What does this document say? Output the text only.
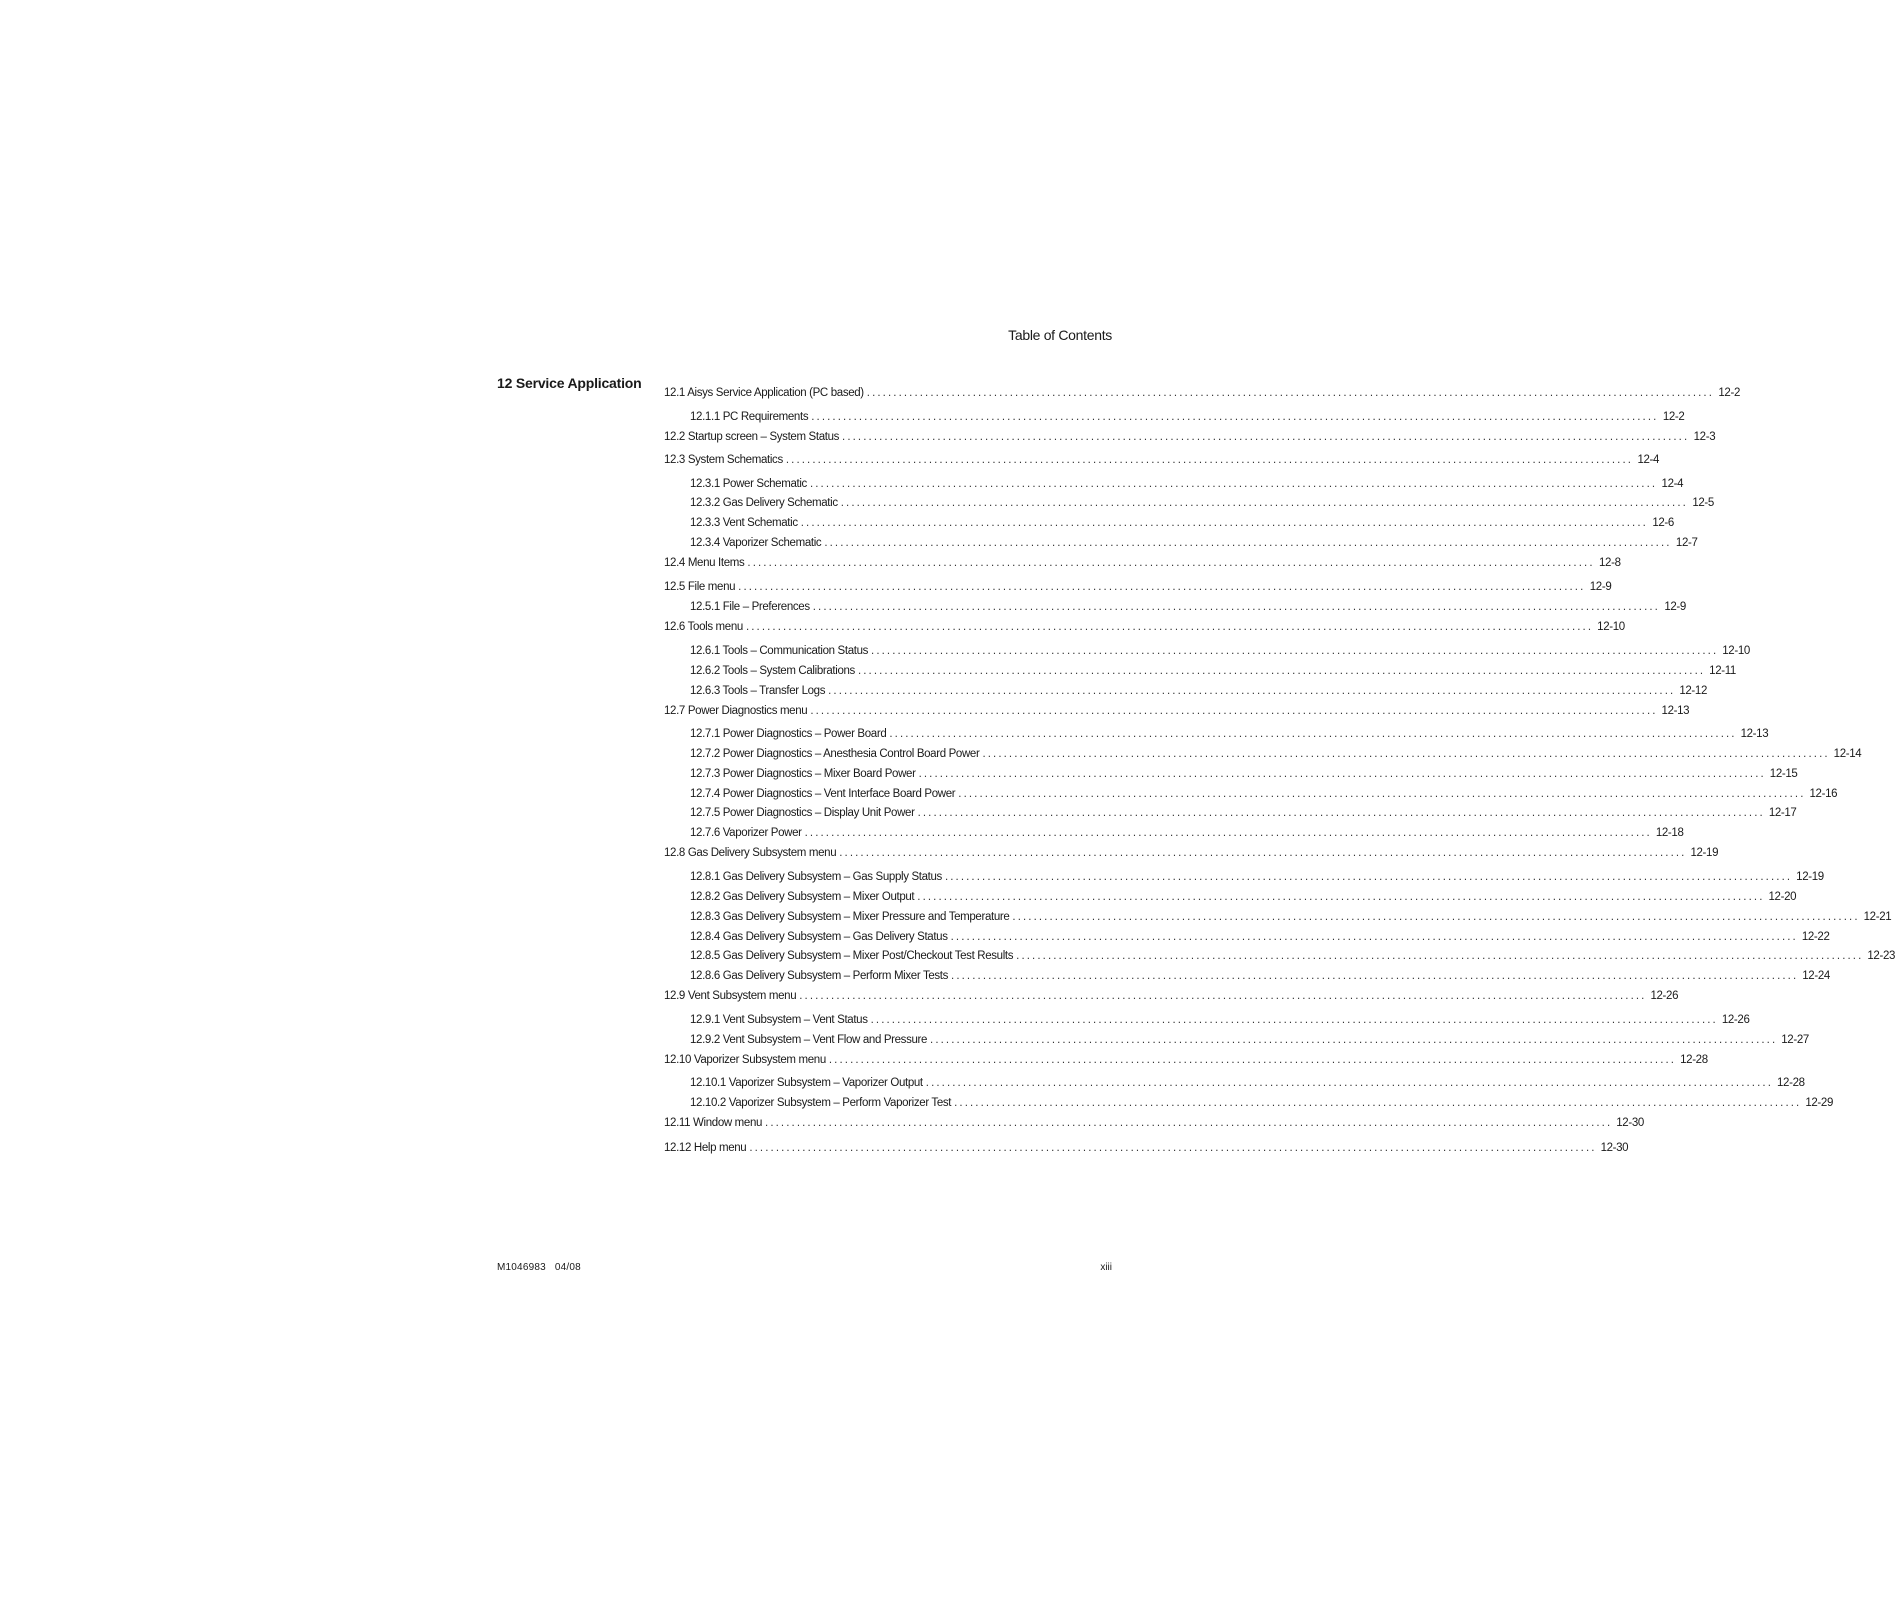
Table of Contents
12 Service Application
12.1 Aisys Service Application (PC based) ................................................................................................................................................................ 12-2
12.1.1 PC Requirements ................................................................................................................................................................ 12-2
12.2 Startup screen – System Status ................................................................................................................................................................ 12-3
12.3 System Schematics ................................................................................................................................................................ 12-4
12.3.1 Power Schematic ................................................................................................................................................................ 12-4
12.3.2 Gas Delivery Schematic ................................................................................................................................................................ 12-5
12.3.3 Vent Schematic ................................................................................................................................................................ 12-6
12.3.4 Vaporizer Schematic ................................................................................................................................................................ 12-7
12.4 Menu Items ................................................................................................................................................................ 12-8
12.5 File menu ................................................................................................................................................................ 12-9
12.5.1 File – Preferences ................................................................................................................................................................ 12-9
12.6 Tools menu ................................................................................................................................................................ 12-10
12.6.1 Tools – Communication Status ................................................................................................................................................................ 12-10
12.6.2 Tools – System Calibrations ................................................................................................................................................................ 12-11
12.6.3 Tools – Transfer Logs ................................................................................................................................................................ 12-12
12.7 Power Diagnostics menu ................................................................................................................................................................ 12-13
12.7.1 Power Diagnostics – Power Board ................................................................................................................................................................ 12-13
12.7.2 Power Diagnostics – Anesthesia Control Board Power ................................................................................................................................................................ 12-14
12.7.3 Power Diagnostics – Mixer Board Power ................................................................................................................................................................ 12-15
12.7.4 Power Diagnostics – Vent Interface Board Power ................................................................................................................................................................ 12-16
12.7.5 Power Diagnostics – Display Unit Power ................................................................................................................................................................ 12-17
12.7.6 Vaporizer Power ................................................................................................................................................................ 12-18
12.8 Gas Delivery Subsystem menu ................................................................................................................................................................ 12-19
12.8.1 Gas Delivery Subsystem – Gas Supply Status ................................................................................................................................................................ 12-19
12.8.2 Gas Delivery Subsystem – Mixer Output ................................................................................................................................................................ 12-20
12.8.3 Gas Delivery Subsystem – Mixer Pressure and Temperature ................................................................................................................................................................ 12-21
12.8.4 Gas Delivery Subsystem – Gas Delivery Status ................................................................................................................................................................ 12-22
12.8.5 Gas Delivery Subsystem – Mixer Post/Checkout Test Results ................................................................................................................................................................ 12-23
12.8.6 Gas Delivery Subsystem – Perform Mixer Tests ................................................................................................................................................................ 12-24
12.9 Vent Subsystem menu ................................................................................................................................................................ 12-26
12.9.1 Vent Subsystem – Vent Status ................................................................................................................................................................ 12-26
12.9.2 Vent Subsystem – Vent Flow and Pressure ................................................................................................................................................................ 12-27
12.10 Vaporizer Subsystem menu ................................................................................................................................................................ 12-28
12.10.1 Vaporizer Subsystem – Vaporizer Output ................................................................................................................................................................ 12-28
12.10.2 Vaporizer Subsystem – Perform Vaporizer Test ................................................................................................................................................................ 12-29
12.11 Window menu ................................................................................................................................................................ 12-30
12.12 Help menu ................................................................................................................................................................ 12-30
M1046983 04/08	xiii
